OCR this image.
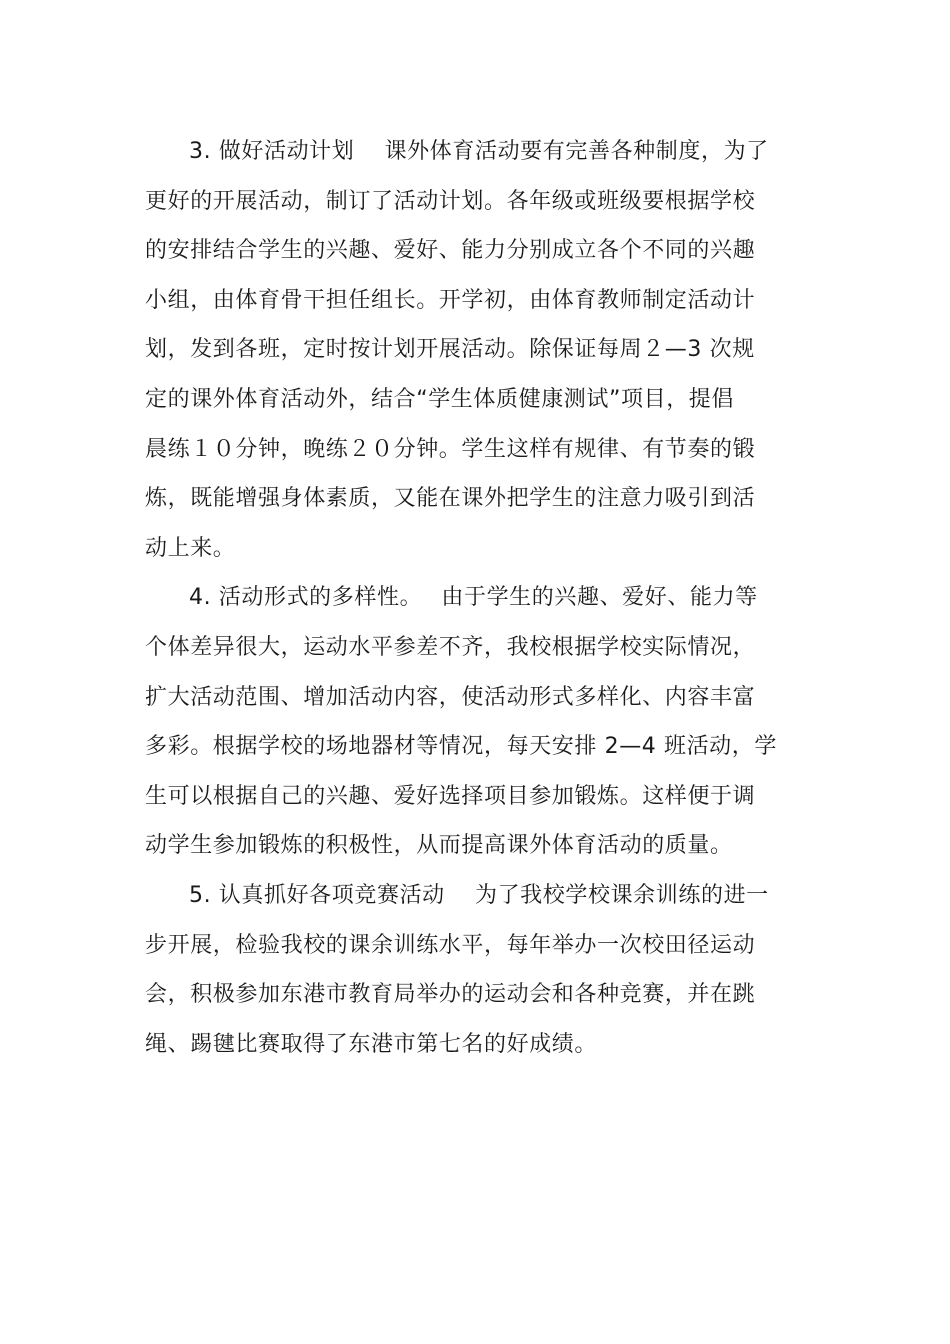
3. 做好活动计划　 课外体育活动要有完善各种制度，为了
更好的开展活动，制订了活动计划。各年级或班级要根据学校
的安排结合学生的兴趣、爱好、能力分别成立各个不同的兴趣
小组，由体育骨干担任组长。开学初，由体育教师制定活动计
划，发到各班，定时按计划开展活动。除保证每周２—3 次规
定的课外体育活动外，结合“学生体质健康测试”项目，提倡
晨练１０分钟，晚练２０分钟。学生这样有规律、有节奏的锻
炼，既能增强身体素质，又能在课外把学生的注意力吸引到活
动上来。

4. 活动形式的多样性。　 由于学生的兴趣、爱好、能力等
个体差异很大，运动水平参差不齐，我校根据学校实际情况，
扩大活动范围、增加活动内容，使活动形式多样化、内容丰富
多彩。根据学校的场地器材等情况，每天安排 2—4 班活动，学
生可以根据自己的兴趣、爱好选择项目参加锻炼。这样便于调
动学生参加锻炼的积极性，从而提高课外体育活动的质量。

5. 认真抓好各项竞赛活动　 为了我校学校课余训练的进一
步开展，检验我校的课余训练水平，每年举办一次校田径运动
会，积极参加东港市教育局举办的运动会和各种竞赛，并在跳
绳、踢毽比赛取得了东港市第七名的好成绩。
